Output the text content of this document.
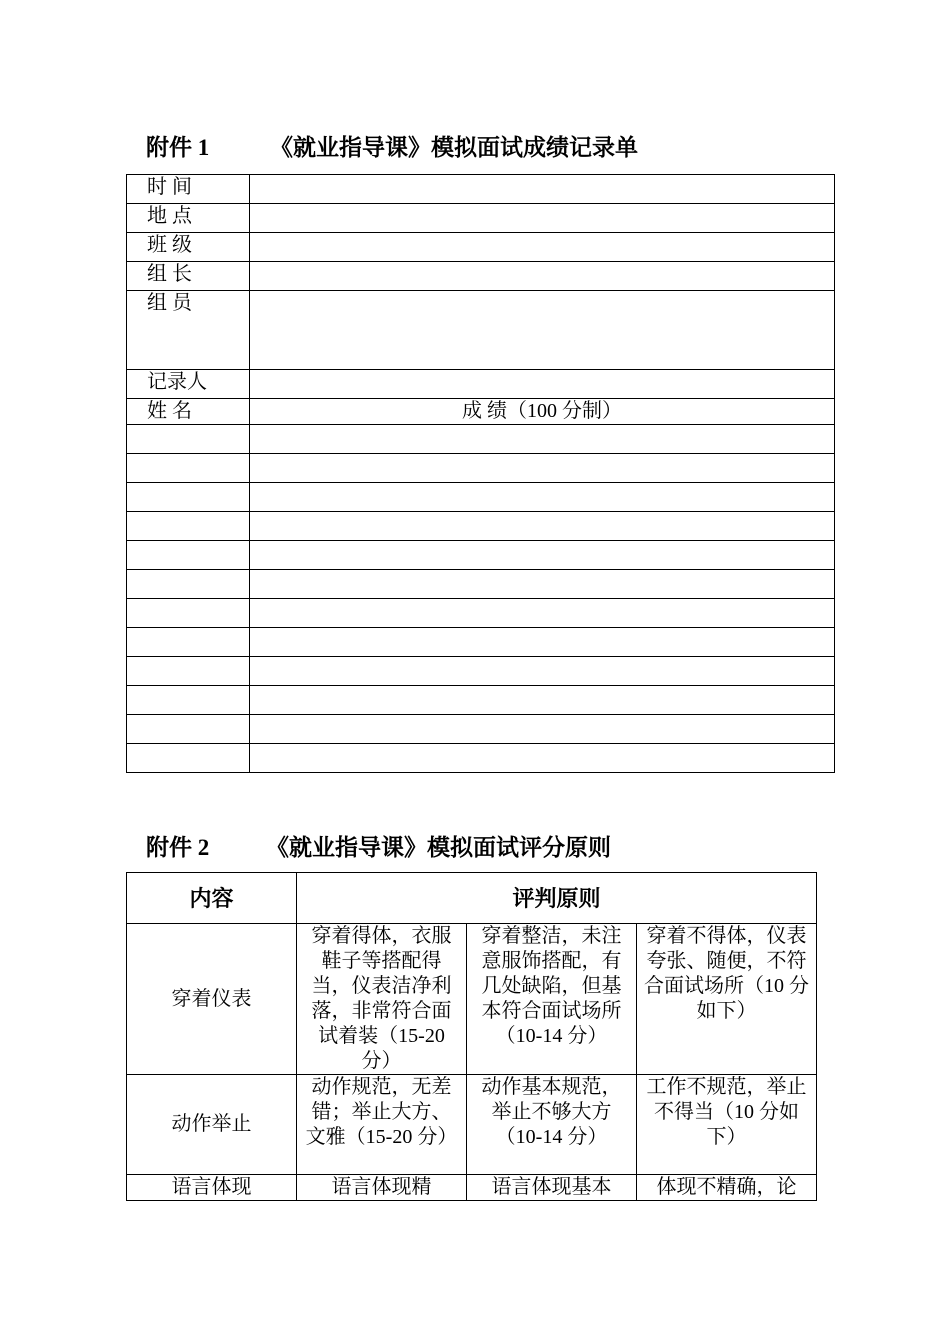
附件 1	《就业指导课》模拟面试成绩记录单
时 间	
地 点	
班 级	
组 长	
组 员	
记录人	
姓 名	成 绩（100 分制）

附件 2 《就业指导课》模拟面试评分原则
内容	评判原则		
穿着仪表	穿着得体，衣服鞋子等搭配得当，仪表洁净利落，非常符合面试着装（15-20 分）	穿着整洁，未注意服饰搭配，有几处缺陷，但基本符合面试场所（10-14 分）	穿着不得体，仪表夸张、随便，不符合面试场所（10 分如下）
动作举止	动作规范，无差错；举止大方、文雅（15-20 分）	动作基本规范，举止不够大方（10-14 分）	工作不规范，举止不得当（10 分如下）
语言体现	语言体现精	语言体现基本	体现不精确，论
